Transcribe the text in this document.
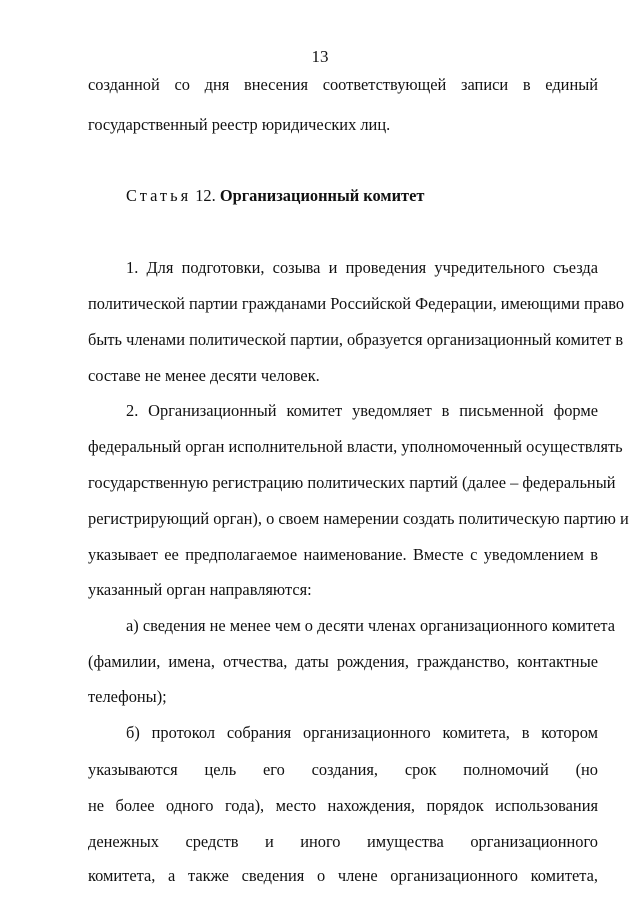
13
созданной со дня внесения соответствующей записи в единый
государственный реестр юридических лиц.
Статья 12. Организационный комитет
1. Для подготовки, созыва и проведения учредительного съезда
политической партии гражданами Российской Федерации, имеющими право
быть членами политической партии, образуется организационный комитет в
составе не менее десяти человек.
2. Организационный комитет уведомляет в письменной форме
федеральный орган исполнительной власти, уполномоченный осуществлять
государственную регистрацию политических партий (далее – федеральный
регистрирующий орган), о своем намерении создать политическую партию и
указывает ее предполагаемое наименование. Вместе с уведомлением в
указанный орган направляются:
а) сведения не менее чем о десяти членах организационного комитета
(фамилии, имена, отчества, даты рождения, гражданство, контактные
телефоны);
б) протокол собрания организационного комитета, в котором
указываются цель его создания, срок полномочий (но
не более одного года), место нахождения, порядок использования
денежных средств и иного имущества организационного
комитета, а также сведения о члене организационного комитета,
